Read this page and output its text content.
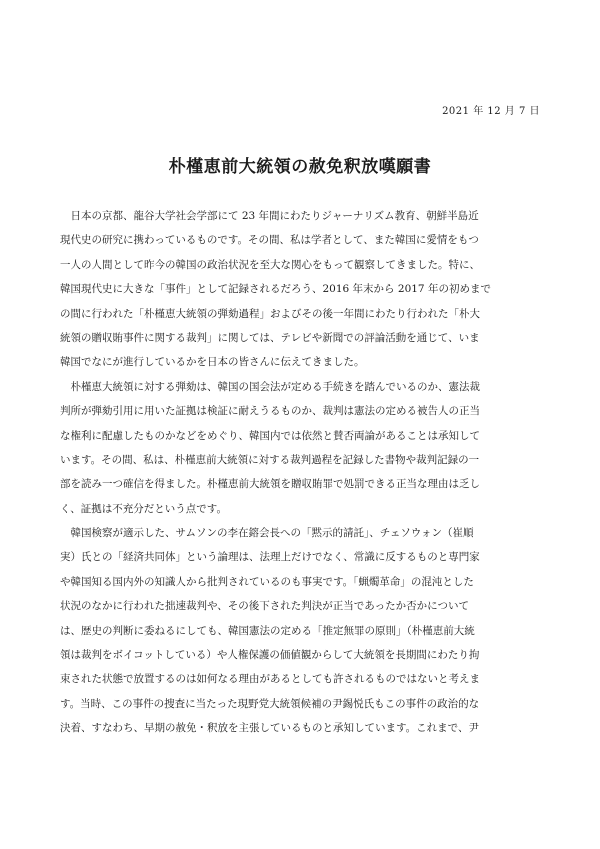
2021 年 12 月 7 日
朴槿恵前大統領の赦免釈放嘆願書
　日本の京都、龍谷大学社会学部にて 23 年間にわたりジャーナリズム教育、朝鮮半島近
現代史の研究に携わっているものです。その間、私は学者として、また韓国に愛情をもつ
一人の人間として昨今の韓国の政治状況を至大な関心をもって観察してきました。特に、
韓国現代史に大きな「事件」として記録されるだろう、2016 年末から 2017 年の初めまで
の間に行われた「朴槿恵大統領の弾劾過程」およびその後一年間にわたり行われた「朴大
統領の贈収賄事件に関する裁判」に関しては、テレビや新聞での評論活動を通じて、いま
韓国でなにが進行しているかを日本の皆さんに伝えてきました。
　朴槿恵大統領に対する弾劾は、韓国の国会法が定める手続きを踏んでいるのか、憲法裁
判所が弾劾引用に用いた証拠は検証に耐えうるものか、裁判は憲法の定める被告人の正当
な権利に配慮したものかなどをめぐり、韓国内では依然と賛否両論があることは承知して
います。その間、私は、朴槿恵前大統領に対する裁判過程を記録した書物や裁判記録の一
部を読み一つ確信を得ました。朴槿恵前大統領を贈収賄罪で処罰できる正当な理由は乏し
く、証拠は不充分だという点です。
　韓国検察が適示した、サムソンの李在鎔会長への「黙示的請託」、チェソウォン（崔順
実）氏との「経済共同体」という論理は、法理上だけでなく、常識に反するものと専門家
や韓国知る国内外の知識人から批判されているのも事実です。「蝋燭革命」の混沌とした
状況のなかに行われた拙速裁判や、その後下された判決が正当であったか否かについて
は、歴史の判断に委ねるにしても、韓国憲法の定める「推定無罪の原則」（朴槿恵前大統
領は裁判をボイコットしている）や人権保護の価値観からして大統領を長期間にわたり拘
束された状態で放置するのは如何なる理由があるとしても許されるものではないと考えま
す。当時、この事件の捜査に当たった現野党大統領候補の尹錫悦氏もこの事件の政治的な
決着、すなわち、早期の赦免・釈放を主張しているものと承知しています。これまで、尹
